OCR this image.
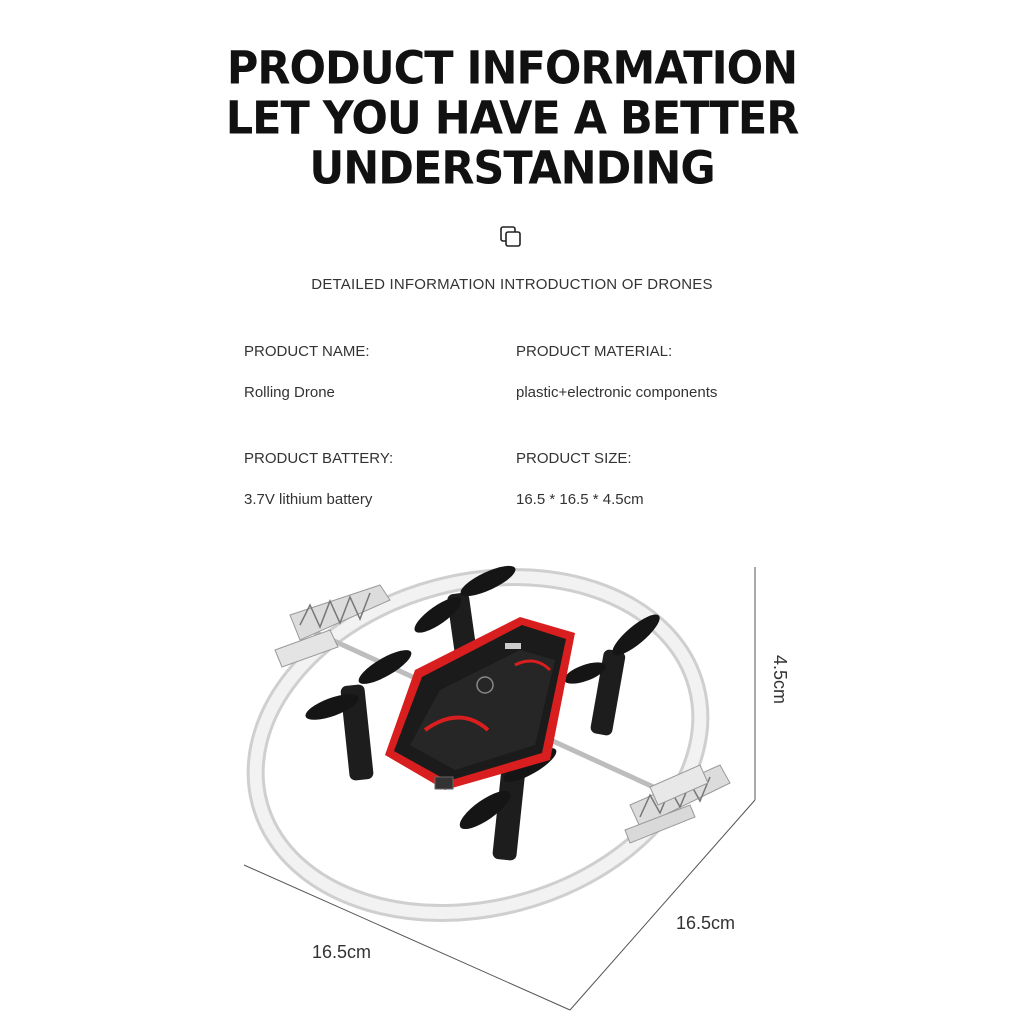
PRODUCT INFORMATION
LET YOU HAVE A BETTER
UNDERSTANDING
DETAILED INFORMATION INTRODUCTION OF DRONES
PRODUCT NAME:
Rolling Drone
PRODUCT MATERIAL:
plastic+electronic components
PRODUCT BATTERY:
3.7V lithium battery
PRODUCT SIZE:
16.5 * 16.5 * 4.5cm
4.5cm
16.5cm
16.5cm
